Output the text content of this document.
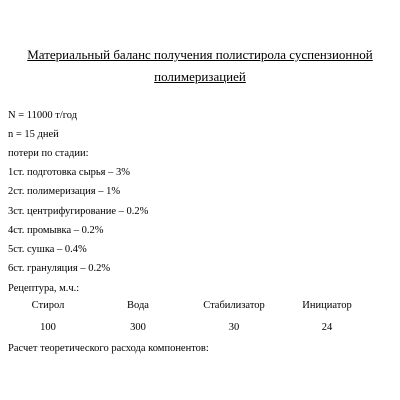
Материальный баланс получения полистирола суспензионной
полимеризацией
N = 11000 т/год
n = 15 дней
потери по стадии:
1ст. подготовка сырья – 3%
2ст. полимеризация – 1%
3ст. центрифугирование – 0.2%
4ст. промывка – 0.2%
5ст. сушка – 0.4%
6ст. грануляция – 0.2%
Рецептура, м.ч.:
Стирол	Вода	Стабилизатор	Инициатор
100	300	30	24
Расчет теоретического расхода компонентов:
